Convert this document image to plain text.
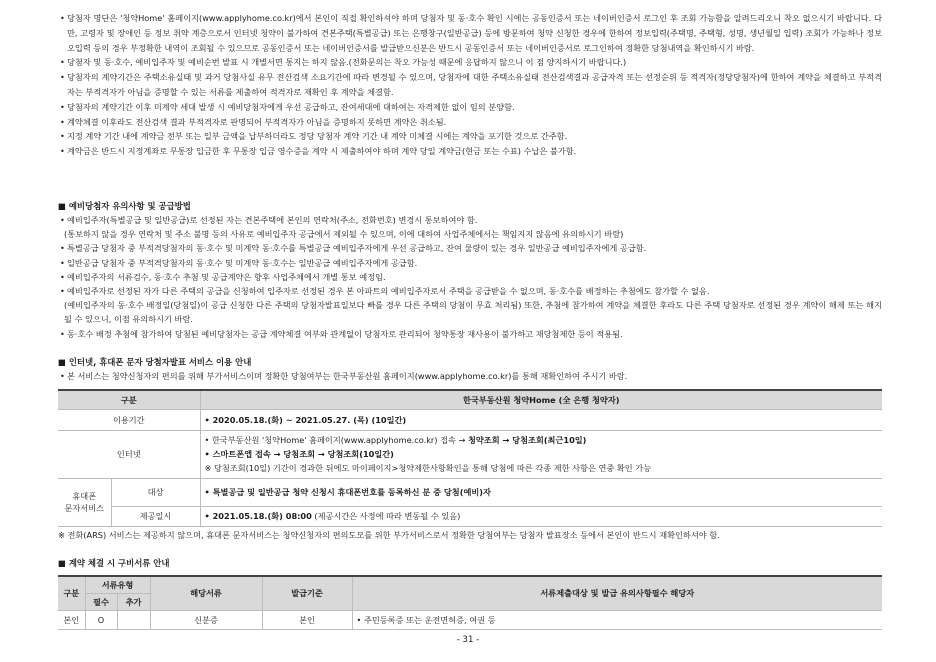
• 당첨자 명단은 '청약Home' 홈페이지(www.applyhome.co.kr)에서 본인이 직접 확인하셔야 하며 당첨자 및 동·호수 확인 시에는 공동인증서 또는 네이버인증서 로그인 후 조회 가능함을 알려드리오니 착오 없으시기 바랍니다. 다만, 고령자 및 장애인 등 정보 취약 계층으로서 인터넷 청약이 불가하여 견본주택(특별공급) 또는 은행창구(일반공급) 등에 방문하여 청약 신청한 경우에 한하여 정보입력(주택명, 주택형, 성명, 생년월일 입력) 조회가 가능하나 정보 오입력 등의 경우 부정확한 내역이 조회될 수 있으므로 공동인증서 또는 네이버인증서를 발급받으신분은 반드시 공동인증서 또는 네이버인증서로 로그인하여 정확한 당첨내역을 확인하시기 바람.
• 당첨자 및 동·호수, 예비입주자 및 예비순번 발표 시 개별서면 통지는 하지 않음.(전화문의는 착오 가능성 때문에 응답하지 않으니 이 점 양지하시기 바랍니다.)
• 당첨자의 계약기간은 주택소유실태 및 과거 당첨사실 유무 전산검색 소요기간에 따라 변경될 수 있으며, 당첨자에 대한 주택소유실태 전산검색결과 공급자격 또는 선정순위 등 적격자(정당당첨자)에 한하여 계약을 체결하고 부적격자는 부적격자가 아님을 증명할 수 있는 서류를 제출하여 적격자로 재확인 후 계약을 체결함.
• 당첨자의 계약기간 이후 미계약 세대 발생 시 예비당첨자에게 우선 공급하고, 잔여세대에 대하여는 자격제한 없이 임의 분양함.
• 계약체결 이후라도 전산검색 결과 부적격자로 판명되어 부적격자가 아님을 증명하지 못하면 계약은 취소됨.
• 지정 계약 기간 내에 계약금 전부 또는 일부 금액을 납부하더라도 정당 당첨자 계약 기간 내 계약 미체결 시에는 계약을 포기한 것으로 간주함.
• 계약금은 반드시 지정계좌로 무통장 입금한 후 무통장 입금 영수증을 계약 시 제출하여야 하며 계약 당일 계약금(현금 또는 수표) 수납은 불가함.
■ 예비당첨자 유의사항 및 공급방법
• 예비입주자(특별공급 및 일반공급)로 선정된 자는 견본주택에 본인의 연락처(주소, 전화번호) 변경시 통보하여야 함.
(통보하지 않을 경우 연락처 및 주소 불명 등의 사유로 예비입주자 공급에서 제외될 수 있으며, 이에 대하여 사업주체에서는 책임지지 않음에 유의하시기 바람)
• 특별공급 당첨자 중 부적격당첨자의 동·호수 및 미계약 동·호수를 특별공급 예비입주자에게 우선 공급하고, 잔여 물량이 있는 경우 일반공급 예비입주자에게 공급함.
• 일반공급 당첨자 중 부적격당첨자의 동·호수 및 미계약 동·호수는 일반공급 예비입주자에게 공급함.
• 예비입주자의 서류검수, 동·호수 추첨 및 공급계약은 향후 사업주체에서 개별 통보 예정임.
• 예비입주자로 선정된 자가 다른 주택의 공급을 신청하여 입주자로 선정된 경우 본 아파트의 예비입주자로서 주택을 공급받을 수 없으며, 동·호수를 배정하는 추첨에도 참가할 수 없음.
(예비입주자의 동·호수 배정일(당첨일)이 공급 신청한 다른 주택의 당첨자발표일보다 빠를 경우 다른 주택의 당첨이 무효 처리됨) 또한, 추첨에 참가하여 계약을 체결한 후라도 다른 주택 당첨자로 선정된 경우 계약이 해제 또는 해지될 수 있으니, 이점 유의하시기 바람.
• 동·호수 배정 추첨에 참가하여 당첨된 예비당첨자는 공급 계약체결 여부와 관계없이 당첨자로 관리되어 청약통장 재사용이 불가하고 재당첨제한 등이 적용됨.
■ 인터넷, 휴대폰 문자 당첨자발표 서비스 이용 안내
• 본 서비스는 청약신청자의 편의를 위해 부가서비스이며 정확한 당첨여부는 한국부동산원 홈페이지(www.applyhome.co.kr)를 통해 재확인하여 주시기 바람.
구분		한국부동산원 청약Home (全 은행 청약자)
이용기간		• 2020.05.18.(화) ~ 2021.05.27. (목) (10일간)
인터넷		• 한국부동산원 '청약Home' 홈페이지(www.applyhome.co.kr) 접속 → 청약조회 → 당첨조회(최근10일)
• 스마트폰앱 접속 → 당첨조회 → 당첨조회(10일간)
※ 당첨조회(10일) 기간이 경과한 뒤에도 마이페이지>청약제한사항확인을 통해 당첨에 따른 각종 제한 사항은 연중 확인 가능

휴대폰 문자서비스	대상	• 특별공급 및 일반공급 청약 신청시 휴대폰번호를 등록하신 분 중 당첨(예비)자
	제공일시	• 2021.05.18.(화) 08:00 (제공시간은 사정에 따라 변동될 수 있음)
※ 전화(ARS) 서비스는 제공하지 않으며, 휴대폰 문자서비스는 청약신청자의 편의도모를 위한 부가서비스로서 정확한 당첨여부는 당첨자 발표장소 등에서 본인이 반드시 재확인하셔야 함.
■ 계약 체결 시 구비서류 안내
구분	서류유형		해당서류	발급기준	서류제출대상 및 발급 유의사항필수 해당자
	필수	추가			
본인	O		신분증	본인	• 주민등록증 또는 운전면허증, 여권 등
- 31 -
